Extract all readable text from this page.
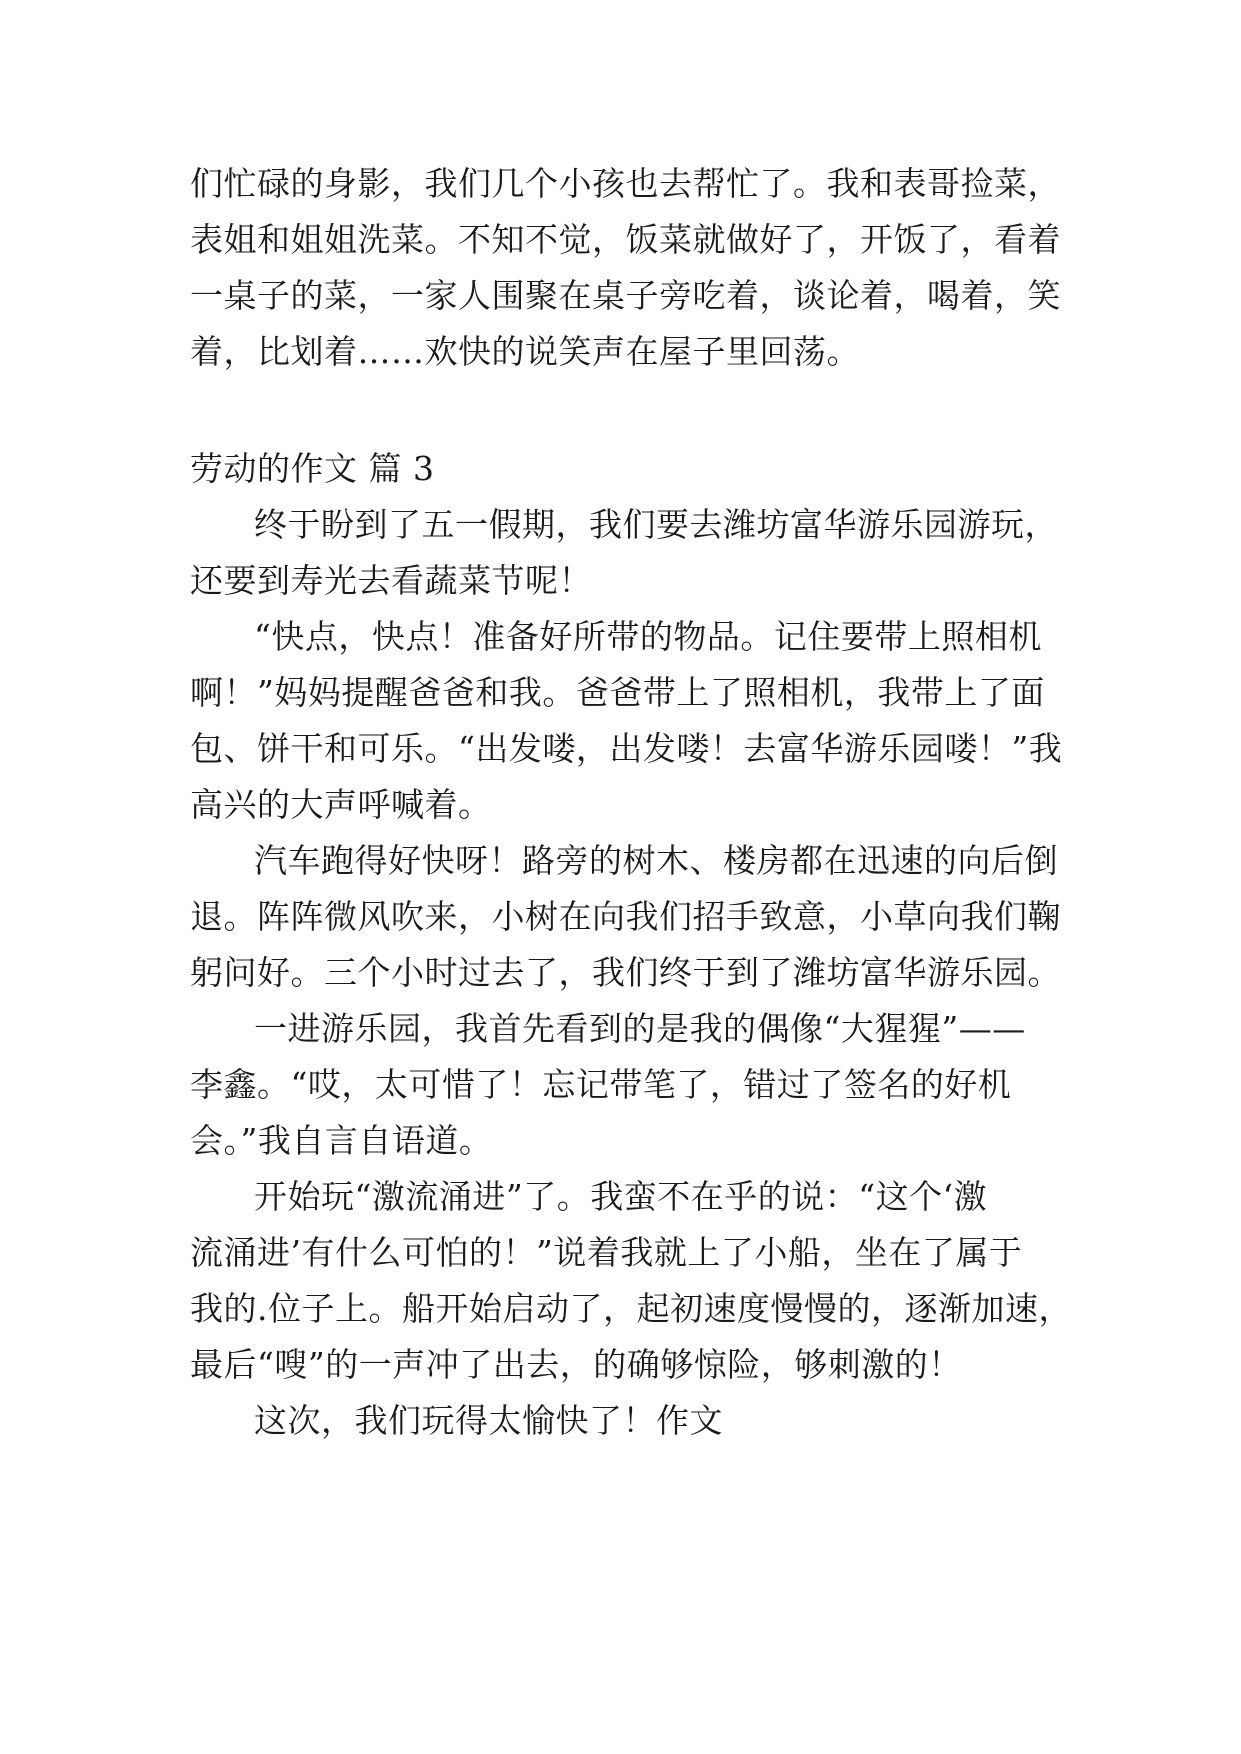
们忙碌的身影，我们几个小孩也去帮忙了。我和表哥捡菜，
表姐和姐姐洗菜。不知不觉，饭菜就做好了，开饭了，看着
一桌子的菜，一家人围聚在桌子旁吃着，谈论着，喝着，笑
着，比划着……欢快的说笑声在屋子里回荡。
劳动的作文 篇 3
终于盼到了五一假期，我们要去潍坊富华游乐园游玩，
还要到寿光去看蔬菜节呢！
“快点，快点！准备好所带的物品。记住要带上照相机
啊！”妈妈提醒爸爸和我。爸爸带上了照相机，我带上了面
包、饼干和可乐。“出发喽，出发喽！去富华游乐园喽！”我
高兴的大声呼喊着。
汽车跑得好快呀！路旁的树木、楼房都在迅速的向后倒
退。阵阵微风吹来，小树在向我们招手致意，小草向我们鞠
躬问好。三个小时过去了，我们终于到了潍坊富华游乐园。
一进游乐园，我首先看到的是我的偶像“大猩猩”——
李鑫。“哎，太可惜了！忘记带笔了，错过了签名的好机
会。”我自言自语道。
开始玩“激流涌进”了。我蛮不在乎的说：“这个‘激
流涌进’有什么可怕的！”说着我就上了小船，坐在了属于
我的.位子上。船开始启动了，起初速度慢慢的，逐渐加速，
最后“嗖”的一声冲了出去，的确够惊险，够刺激的！
这次，我们玩得太愉快了！作文
